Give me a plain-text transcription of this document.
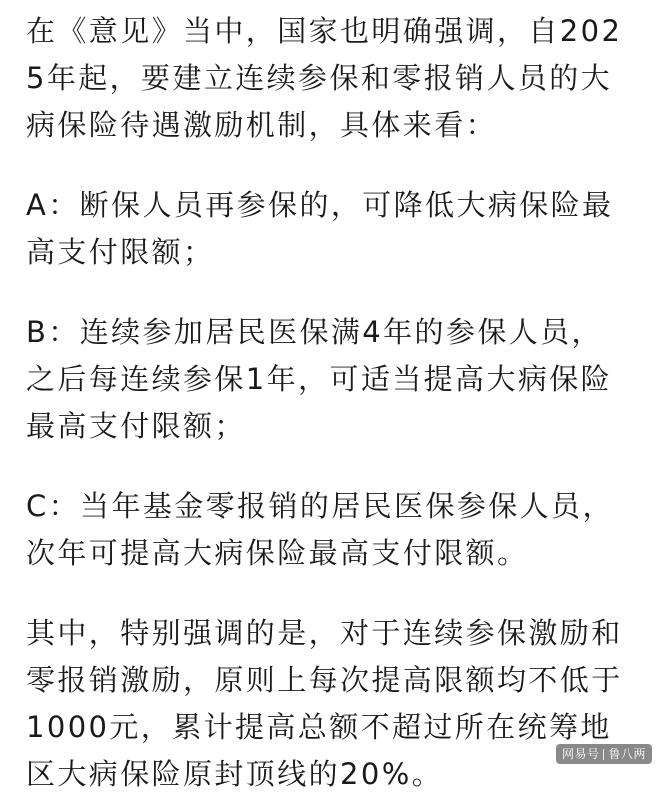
在《意见》当中，国家也明确强调，自2025年起，要建立连续参保和零报销人员的大病保险待遇激励机制，具体来看：

A：断保人员再参保的，可降低大病保险最高支付限额；

B：连续参加居民医保满4年的参保人员，之后每连续参保1年，可适当提高大病保险最高支付限额；

C：当年基金零报销的居民医保参保人员，次年可提高大病保险最高支付限额。

其中，特别强调的是，对于连续参保激励和零报销激励，原则上每次提高限额均不低于1000元，累计提高总额不超过所在统筹地区大病保险原封顶线的20%。

网易号 鲁八两
